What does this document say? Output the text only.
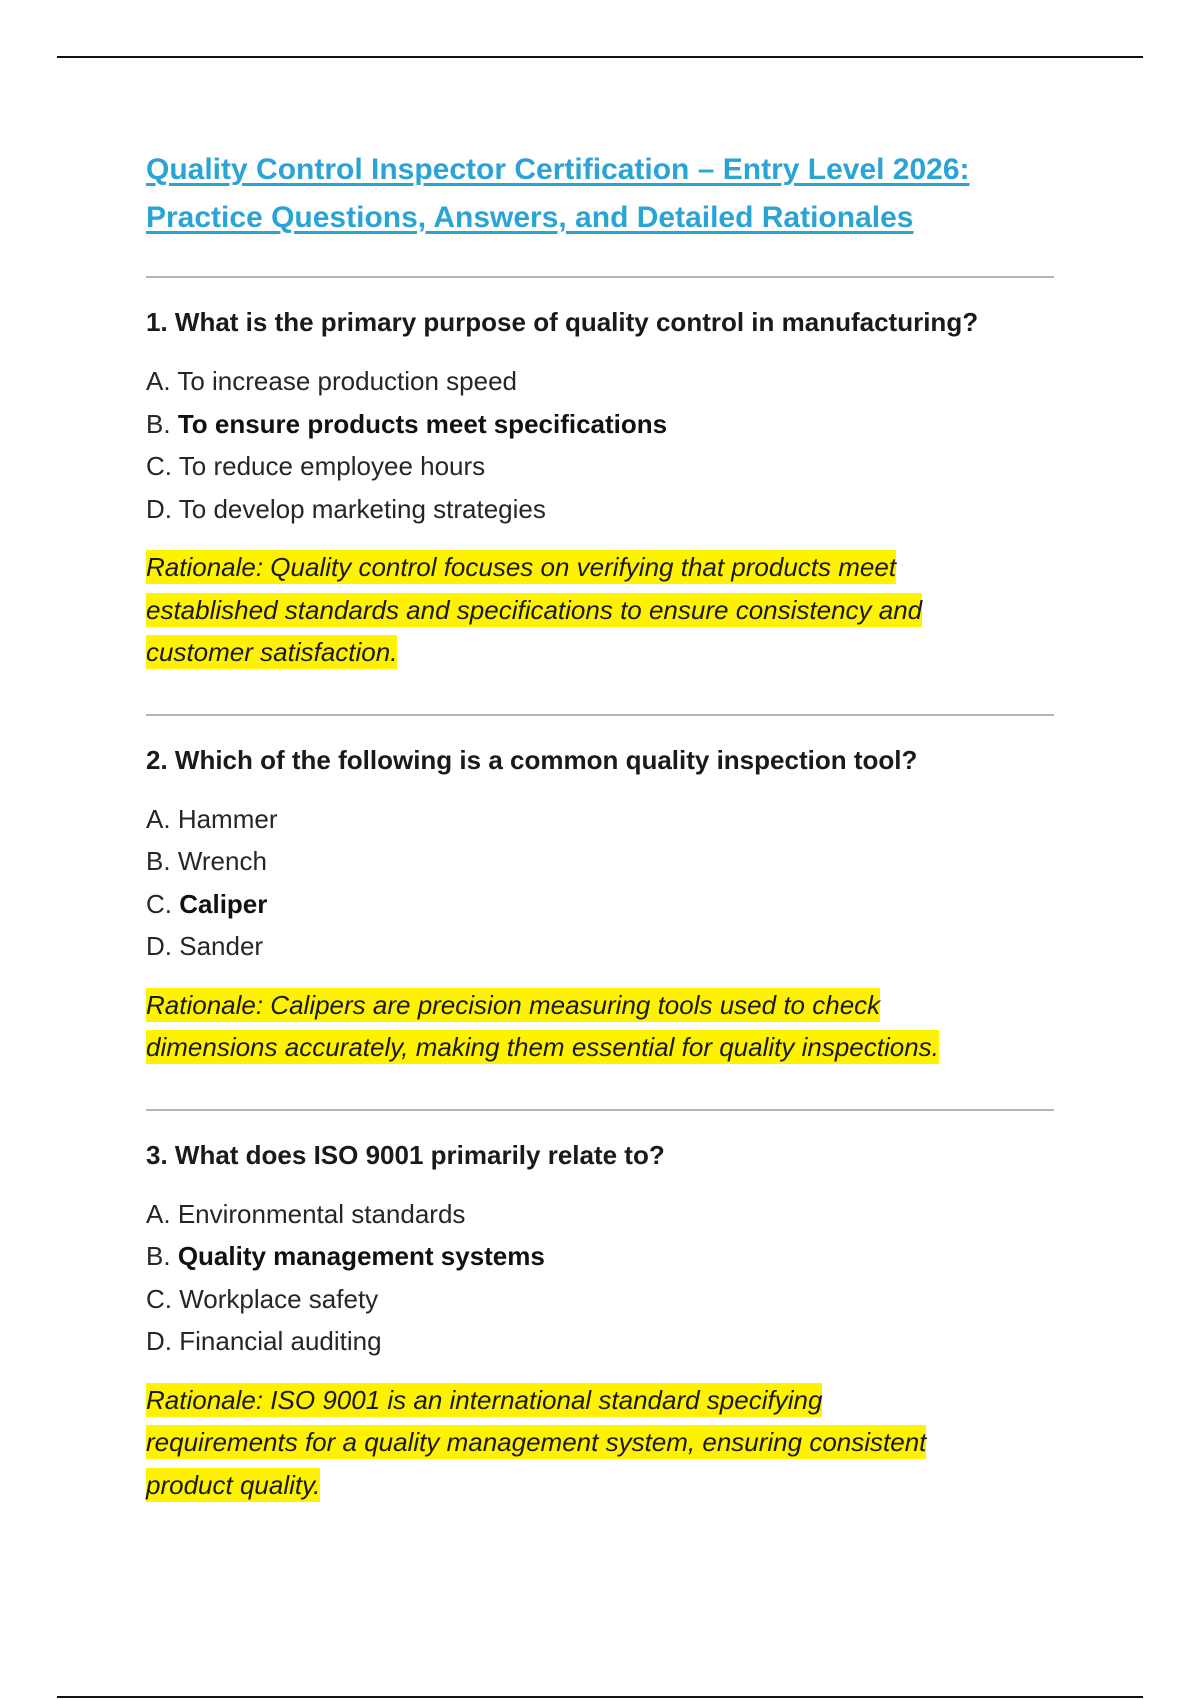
Quality Control Inspector Certification – Entry Level 2026:
Practice Questions, Answers, and Detailed Rationales
1. What is the primary purpose of quality control in manufacturing?
A. To increase production speed
B. To ensure products meet specifications
C. To reduce employee hours
D. To develop marketing strategies
Rationale: Quality control focuses on verifying that products meet
established standards and specifications to ensure consistency and
customer satisfaction.
2. Which of the following is a common quality inspection tool?
A. Hammer
B. Wrench
C. Caliper
D. Sander
Rationale: Calipers are precision measuring tools used to check
dimensions accurately, making them essential for quality inspections.
3. What does ISO 9001 primarily relate to?
A. Environmental standards
B. Quality management systems
C. Workplace safety
D. Financial auditing
Rationale: ISO 9001 is an international standard specifying
requirements for a quality management system, ensuring consistent
product quality.
